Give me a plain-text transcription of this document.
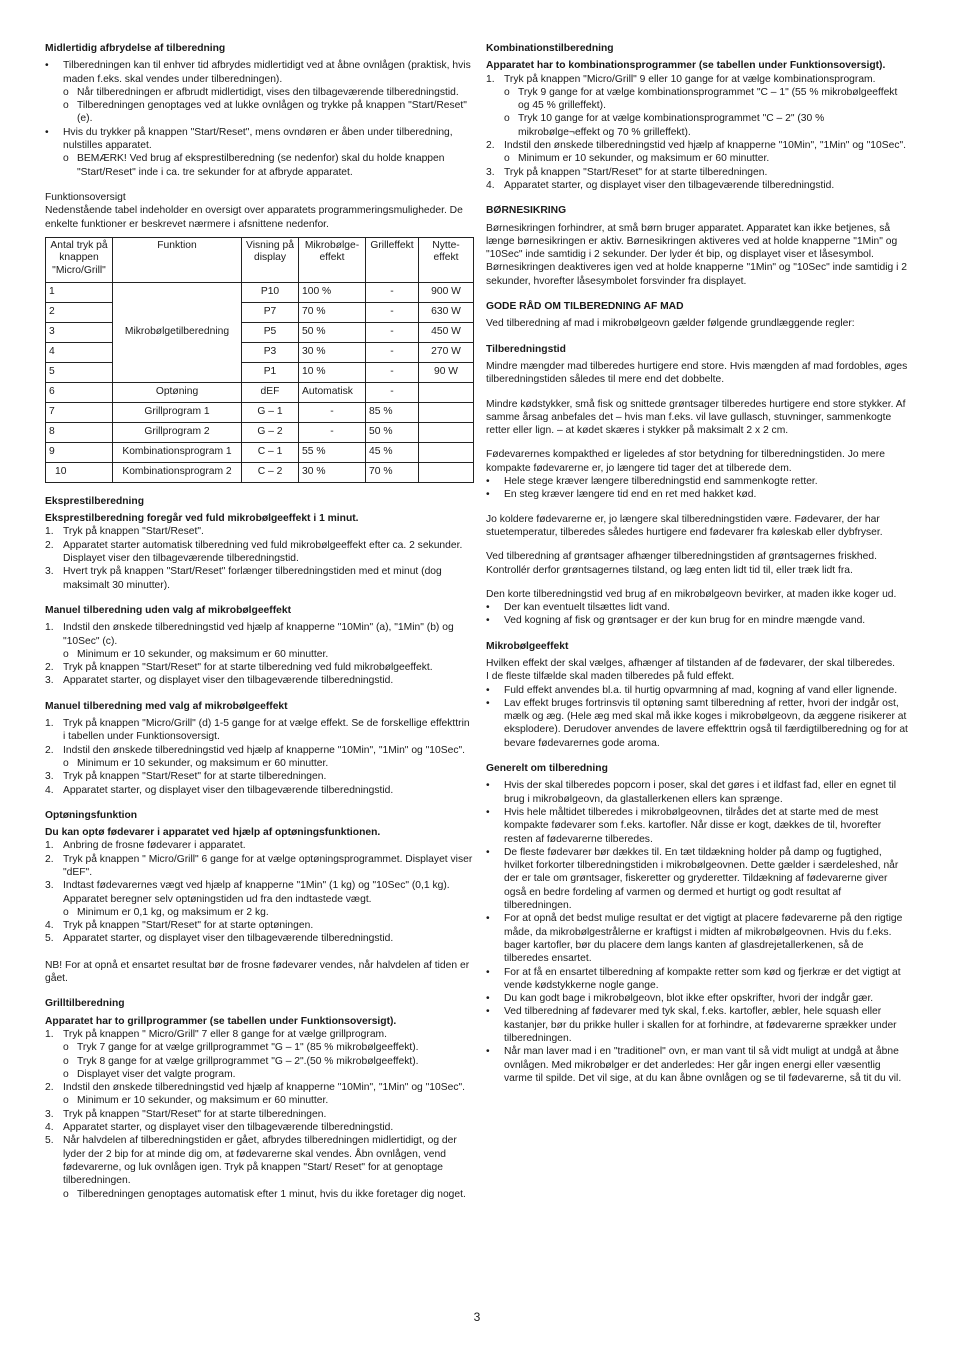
Midlertidig afbrydelse af tilberedning
•	Tilberedningen kan til enhver tid afbrydes midlertidigt ved at åbne ovnlågen (praktisk, hvis maden f.eks. skal vendes under tilberedningen).
o Når tilberedningen er afbrudt midlertidigt, vises den tilbageværende tilberedningstid.
o Tilberedningen genoptages ved at lukke ovnlågen og trykke på knappen "Start/Reset" (e).
•	Hvis du trykker på knappen "Start/Reset", mens ovndøren er åben under tilberedning, nulstilles apparatet.
o BEMÆRK! Ved brug af eksprestilberedning (se nedenfor) skal du holde knappen "Start/Reset" inde i ca. tre sekunder for at afbryde apparatet.
Funktionsoversigt
Nedenstående tabel indeholder en oversigt over apparatets programmeringsmuligheder. De enkelte funktioner er beskrevet nærmere i afsnittene nedenfor.
Antal tryk på knappen "Micro/Grill"	Funktion	Visning på display	Mikrobølge-effekt	Grilleffekt	Nytte-effekt
1	Mikrobølgetilberedning	P10	100 %	-	900 W
2		P7	70 %	-	630 W
3		P5	50 %	-	450 W
4		P3	30 %	-	270 W
5		P1	10 %	-	90 W
6	Optøning	dEF	Automatisk	-	
7	Grillprogram 1	G – 1	-	85 %	
8	Grillprogram 2	G – 2	-	50 %	
9	Kombinationsprogram 1	C – 1	55 %	45 %	
10	Kombinationsprogram 2	C – 2	30 %	70 %	
Eksprestilberedning
Eksprestilberedning foregår ved fuld mikrobølgeeffekt i 1 minut.
1. Tryk på knappen "Start/Reset".
2. Apparatet starter automatisk tilberedning ved fuld mikrobølgeeffekt efter ca. 2 sekunder. Displayet viser den tilbageværende tilberedningstid.
3. Hvert tryk på knappen "Start/Reset" forlænger tilberedningstiden med et minut (dog maksimalt 30 minutter).
Manuel tilberedning uden valg af mikrobølgeeffekt
1. Indstil den ønskede tilberedningstid ved hjælp af knapperne "10Min" (a), "1Min" (b) og "10Sec" (c).
o Minimum er 10 sekunder, og maksimum er 60 minutter.
2. Tryk på knappen "Start/Reset" for at starte tilberedning ved fuld mikrobølgeeffekt.
3. Apparatet starter, og displayet viser den tilbageværende tilberedningstid.
Manuel tilberedning med valg af mikrobølgeeffekt
1. Tryk på knappen "Micro/Grill" (d) 1-5 gange for at vælge effekt. Se de forskellige effekttrin i tabellen under Funktionsoversigt.
2. Indstil den ønskede tilberedningstid ved hjælp af knapperne "10Min", "1Min" og "10Sec".
o Minimum er 10 sekunder, og maksimum er 60 minutter.
3. Tryk på knappen "Start/Reset" for at starte tilberedningen.
4. Apparatet starter, og displayet viser den tilbageværende tilberedningstid.
Optøningsfunktion
Du kan optø fødevarer i apparatet ved hjælp af optøningsfunktionen.
1. Anbring de frosne fødevarer i apparatet.
2. Tryk på knappen " Micro/Grill" 6 gange for at vælge optøningsprogrammet. Displayet viser "dEF".
3. Indtast fødevarernes vægt ved hjælp af knapperne "1Min" (1 kg) og "10Sec" (0,1 kg). Apparatet beregner selv optøningstiden ud fra den indtastede vægt.
o Minimum er 0,1 kg, og maksimum er 2 kg.
4. Tryk på knappen "Start/Reset" for at starte optøningen.
5. Apparatet starter, og displayet viser den tilbageværende tilberedningstid.
NB! For at opnå et ensartet resultat bør de frosne fødevarer vendes, når halvdelen af tiden er gået.
Grilltilberedning
Apparatet har to grillprogrammer (se tabellen under Funktionsoversigt).
1. Tryk på knappen " Micro/Grill" 7 eller 8 gange for at vælge grillprogram.
o Tryk 7 gange for at vælge grillprogrammet "G – 1" (85 % mikrobølgeeffekt).
o Tryk 8 gange for at vælge grillprogrammet "G – 2".(50 % mikrobølgeeffekt).
o Displayet viser det valgte program.
2. Indstil den ønskede tilberedningstid ved hjælp af knapperne "10Min", "1Min" og "10Sec".
o Minimum er 10 sekunder, og maksimum er 60 minutter.
3. Tryk på knappen "Start/Reset" for at starte tilberedningen.
4. Apparatet starter, og displayet viser den tilbageværende tilberedningstid.
5. Når halvdelen af tilberedningstiden er gået, afbrydes tilberedningen midlertidigt, og der lyder der 2 bip for at minde dig om, at fødevarerne skal vendes. Åbn ovnlågen, vend fødevarerne, og luk ovnlågen igen. Tryk på knappen "Start/ Reset" for at genoptage tilberedningen.
o Tilberedningen genoptages automatisk efter 1 minut, hvis du ikke foretager dig noget.
Kombinationstilberedning
Apparatet har to kombinationsprogrammer (se tabellen under Funktionsoversigt).
1. Tryk på knappen "Micro/Grill" 9 eller 10 gange for at vælge kombinationsprogram.
o Tryk 9 gange for at vælge kombinationsprogrammet "C – 1" (55 % mikrobølgeeffekt og 45 % grilleffekt).
o Tryk 10 gange for at vælge kombinationsprogrammet "C – 2" (30 % mikrobølge¬effekt og 70 % grilleffekt).
2. Indstil den ønskede tilberedningstid ved hjælp af knapperne "10Min", "1Min" og "10Sec".
o Minimum er 10 sekunder, og maksimum er 60 minutter.
3. Tryk på knappen "Start/Reset" for at starte tilberedningen.
4. Apparatet starter, og displayet viser den tilbageværende tilberedningstid.
BØRNESIKRING
Børnesikringen forhindrer, at små børn bruger apparatet. Apparatet kan ikke betjenes, så længe børnesikringen er aktiv. Børnesikringen aktiveres ved at holde knapperne "1Min" og "10Sec" inde samtidig i 2 sekunder. Der lyder ét bip, og displayet viser et låsesymbol. Børnesikringen deaktiveres igen ved at holde knapperne "1Min" og "10Sec" inde samtidig i 2 sekunder, hvorefter låsesymbolet forsvinder fra displayet.
GODE RÅD OM TILBEREDNING AF MAD
Ved tilberedning af mad i mikrobølgeovn gælder følgende grundlæggende regler:
Tilberedningstid

Mindre mængder mad tilberedes hurtigere end store. Hvis mængden af mad fordobles, øges tilberedningstiden således til mere end det dobbelte.

Mindre kødstykker, små fisk og snittede grøntsager tilberedes hurtigere end store stykker. Af samme årsag anbefales det – hvis man f.eks. vil lave gullasch, stuvninger, sammenkogte retter eller lign. – at kødet skæres i stykker på maksimalt 2 x 2 cm.

Fødevarernes kompakthed er ligeledes af stor betydning for tilberedningstiden. Jo mere kompakte fødevarerne er, jo længere tid tager det at tilberede dem.
•	Hele stege kræver længere tilberedningstid end sammenkogte retter.
•	En steg kræver længere tid end en ret med hakket kød.

Jo koldere fødevarerne er, jo længere skal tilberedningstiden være. Fødevarer, der har stuetemperatur, tilberedes således hurtigere end fødevarer fra køleskab eller dybfryser.

Ved tilberedning af grøntsager afhænger tilberedningstiden af grøntsagernes friskhed. Kontrollér derfor grøntsagernes tilstand, og læg enten lidt tid til, eller træk lidt fra.

Den korte tilberedningstid ved brug af en mikrobølgeovn bevirker, at maden ikke koger ud.
•	Der kan eventuelt tilsættes lidt vand.
•	Ved kogning af fisk og grøntsager er der kun brug for en mindre mængde vand.
Mikrobølgeeffekt
Hvilken effekt der skal vælges, afhænger af tilstanden af de fødevarer, der skal tilberedes.
I de fleste tilfælde skal maden tilberedes på fuld effekt.
•	Fuld effekt anvendes bl.a. til hurtig opvarmning af mad, kogning af vand eller lignende.
•	Lav effekt bruges fortrinsvis til optøning samt tilberedning af retter, hvori der indgår ost, mælk og æg. (Hele æg med skal må ikke koges i mikrobølgeovn, da æggene risikerer at eksplodere). Derudover anvendes de lavere effekttrin også til færdigtilberedning og for at bevare fødevarernes gode aroma.
Generelt om tilberedning
•	Hvis der skal tilberedes popcorn i poser, skal det gøres i et ildfast fad, eller en egnet til brug i mikrobølgeovn, da glastallerkenen ellers kan sprænge.
•	Hvis hele måltidet tilberedes i mikrobølgeovnen, tilrådes det at starte med de mest kompakte fødevarer som f.eks. kartofler. Når disse er kogt, dækkes de til, hvorefter resten af fødevarerne tilberedes.
•	De fleste fødevarer bør dækkes til. En tæt tildækning holder på damp og fugtighed, hvilket forkorter tilberedningstiden i mikrobølgeovnen. Dette gælder i særdeleshed, når der er tale om grøntsager, fiskeretter og gryderetter. Tildækning af fødevarerne giver også en bedre fordeling af varmen og dermed et hurtigt og godt resultat af tilberedningen.
•	For at opnå det bedst mulige resultat er det vigtigt at placere fødevarerne på den rigtige måde, da mikrobølgestrålerne er kraftigst i midten af mikrobølgeovnen. Hvis du f.eks. bager kartofler, bør du placere dem langs kanten af glasdrejetallerkenen, så de tilberedes ensartet.
•	For at få en ensartet tilberedning af kompakte retter som kød og fjerkræ er det vigtigt at vende kødstykkerne nogle gange.
•	Du kan godt bage i mikrobølgeovn, blot ikke efter opskrifter, hvori der indgår gær.
•	Ved tilberedning af fødevarer med tyk skal, f.eks. kartofler, æbler, hele squash eller kastanjer, bør du prikke huller i skallen for at forhindre, at fødevarerne sprækker under tilberedningen.
•	Når man laver mad i en "traditionel" ovn, er man vant til så vidt muligt at undgå at åbne ovnlågen. Med mikrobølger er det anderledes: Her går ingen energi eller væsentlig varme til spilde. Det vil sige, at du kan åbne ovnlågen og se til fødevarerne, så tit du vil.
3
